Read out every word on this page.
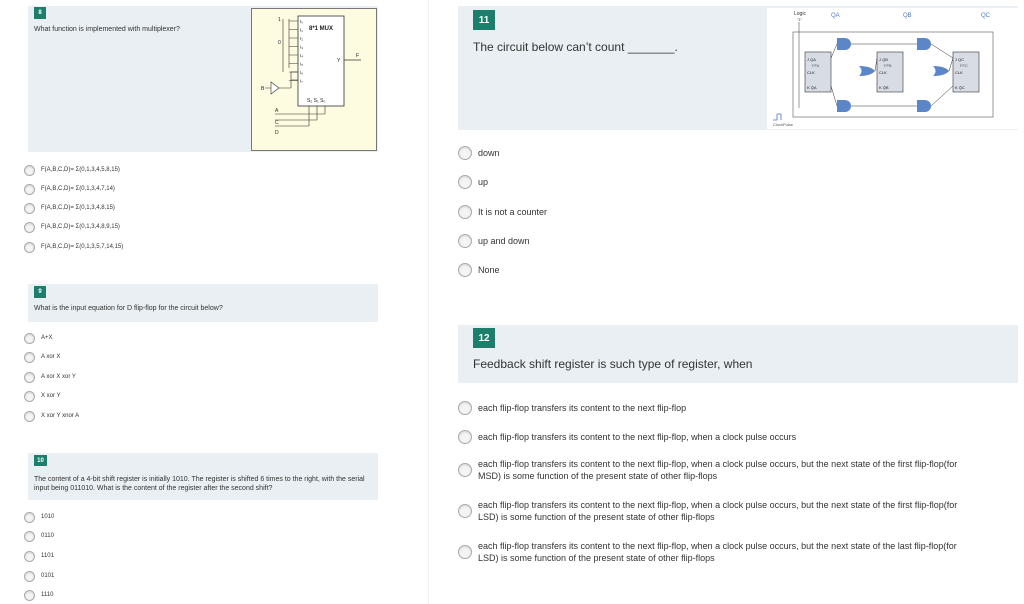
8
What function is implemented with multiplexer?	8*1 MUX
I₀
I₁
I₂
I₃
I₄
I₅
I₆
I₇
Y
F
1
0
B
S₂ S₁ S₀
A
C
D
F(A,B,C,D)= Σ(0,1,3,4,5,8,15)
F(A,B,C,D)= Σ(0,1,3,4,7,14)
F(A,B,C,D)= Σ(0,1,3,4,8,15)
F(A,B,C,D)= Σ(0,1,3,4,8,9,15)
F(A,B,C,D)= Σ(0,1,3,5,7,14,15)
9
What is the input equation for D flip-flop for the circuit below?
A+X
A xor X
A xor X xor Y
X xor Y
X xor Y xnor A
10
The content of a 4-bit shift register is initially 1010. The register is shifted 6 times to the right, with the serial input being 011010. What is the content of the register after the second shift?
1010
0110
1101
0101
1110
11
The circuit below can’t count _______.
Logic
"1"
QA	QB	QC
J QA
FFA
CLK
K Q̄A
J QB
FFB
CLK
K Q̄B
J QC
FFC
CLK
K Q̄C
ClockPulse
down
up
It is not a counter
up and down
None
12
Feedback shift register is such type of register, when
each flip-flop transfers its content to the next flip-flop
each flip-flop transfers its content to the next flip-flop, when a clock pulse occurs
each flip-flop transfers its content to the next flip-flop, when a clock pulse occurs, but the next state of the first flip-flop(for MSD) is some function of the present state of other flip-flops
each flip-flop transfers its content to the next flip-flop, when a clock pulse occurs, but the next state of the first flip-flop(for LSD) is some function of the present state of other flip-flops
each flip-flop transfers its content to the next flip-flop, when a clock pulse occurs, but the next state of the last flip-flop(for LSD) is some function of the present state of other flip-flops
